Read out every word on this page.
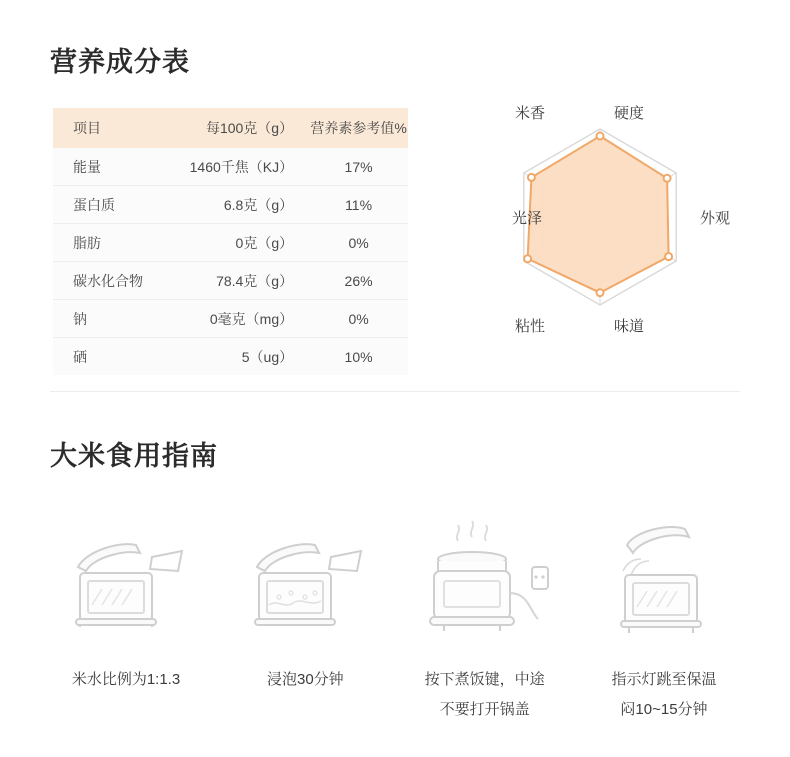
营养成分表
项目	每100克（g）	营养素参考值%
能量	1460千焦（KJ）	17%
蛋白质	6.8克（g）	11%
脂肪	0克（g）	0%
碳水化合物	78.4克（g）	26%
钠	0毫克（mg）	0%
硒	5（ug）	10%
光泽
米香	硬度
外观
味道
粘性
大米食用指南
米水比例为1:1.3	浸泡30分钟	按下煮饭键，中途
不要打开锅盖
指示灯跳至保温
闷10~15分钟
